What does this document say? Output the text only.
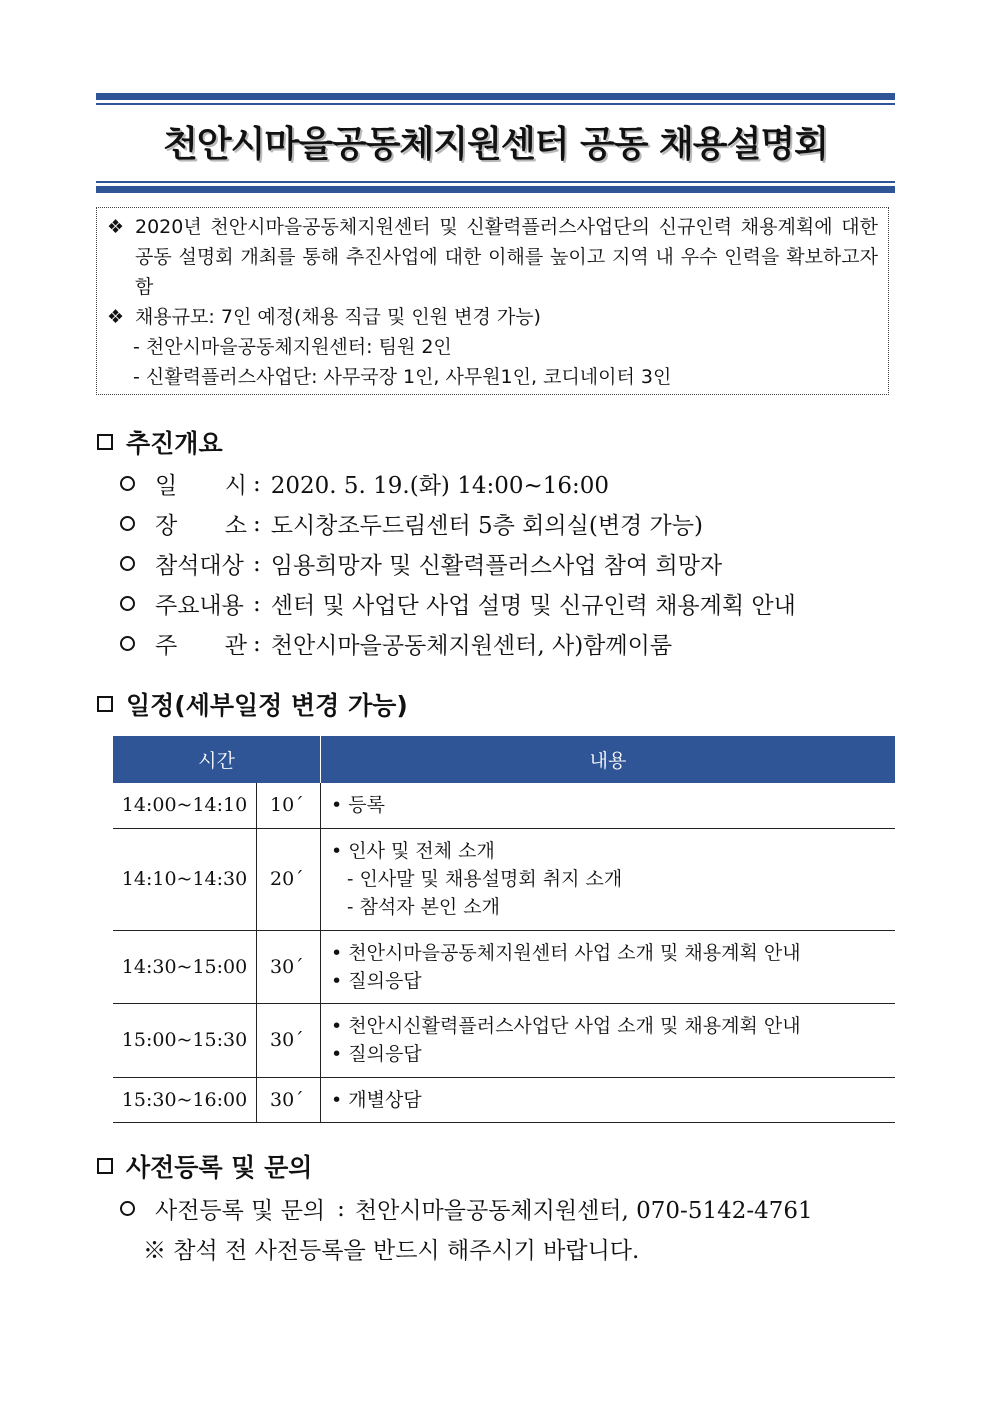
천안시마을공동체지원센터 공동 채용설명회
❖ 2020년 천안시마을공동체지원센터 및 신활력플러스사업단의 신규인력 채용계획에 대한 공동 설명회 개최를 통해 추진사업에 대한 이해를 높이고 지역 내 우수 인력을 확보하고자 함
❖ 채용규모: 7인 예정(채용 직급 및 인원 변경 가능)
- 천안시마을공동체지원센터: 팀원 2인
- 신활력플러스사업단: 사무국장 1인, 사무원1인, 코디네이터 3인
추진개요
일 시 : 2020. 5. 19.(화) 14:00~16:00
장 소 : 도시창조두드림센터 5층 회의실(변경 가능)
참석대상 : 임용희망자 및 신활력플러스사업 참여 희망자
주요내용 : 센터 및 사업단 사업 설명 및 신규인력 채용계획 안내
주 관 : 천안시마을공동체지원센터, 사)함께이룸
일정(세부일정 변경 가능)
시간		내용
14:00~14:10	10´	• 등록

14:10~14:30	20´	• 인사 및 전체 소개
- 인사말 및 채용설명회 취지 소개
- 참석자 본인 소개

14:30~15:00	30´	• 천안시마을공동체지원센터 사업 소개 및 채용계획 안내
• 질의응답

15:00~15:30	30´	• 천안시신활력플러스사업단 사업 소개 및 채용계획 안내
• 질의응답

15:30~16:00	30´	• 개별상담
사전등록 및 문의
사전등록 및 문의 : 천안시마을공동체지원센터, 070-5142-4761
※ 참석 전 사전등록을 반드시 해주시기 바랍니다.
